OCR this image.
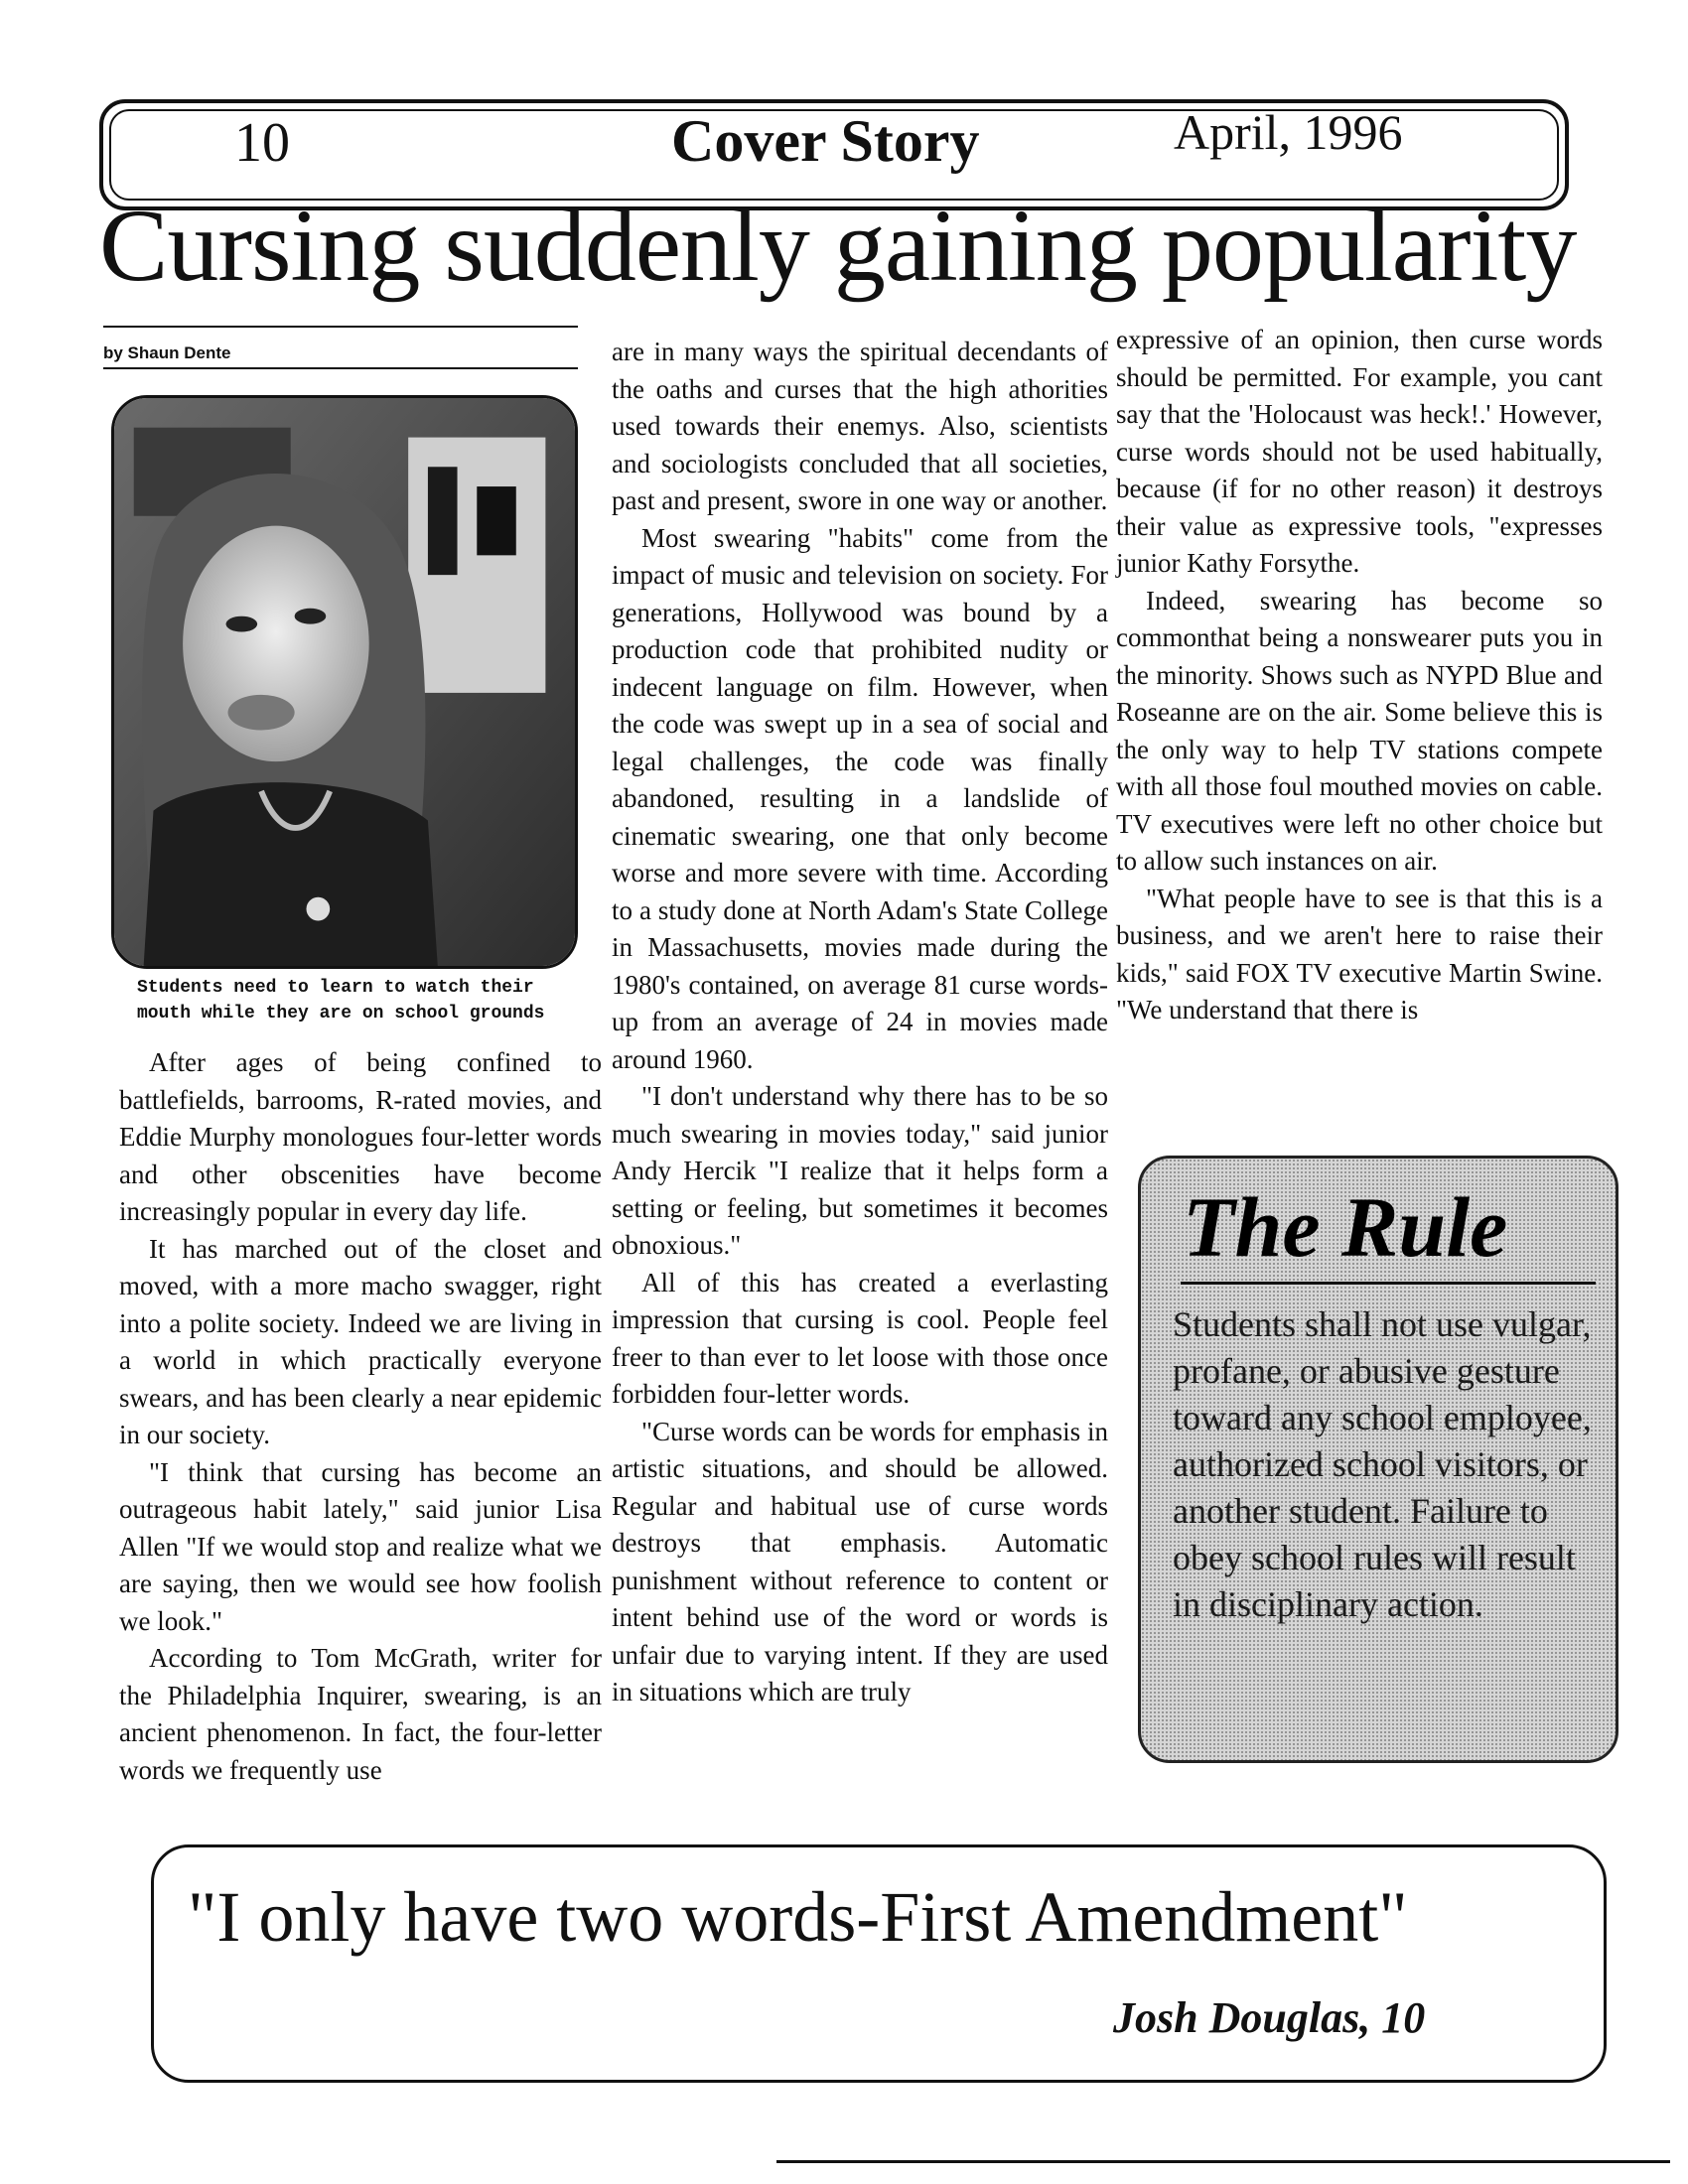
10	Cover Story	April, 1996
Cursing suddenly gaining popularity
by Shaun Dente
Students need to learn to watch their mouth while they are on school grounds

After ages of being confined to battlefields, barrooms, R-rated movies, and Eddie Murphy monologues four-letter words and other obscenities have become increasingly popular in every day life.

It has marched out of the closet and moved, with a more macho swagger, right into a polite society. Indeed we are living in a world in which practically everyone swears, and has been clearly a near epidemic in our society.

"I think that cursing has become an outrageous habit lately," said junior Lisa Allen "If we would stop and realize what we are saying, then we would see how foolish we look."

According to Tom McGrath, writer for the Philadelphia Inquirer, swearing, is an ancient phenomenon. In fact, the four-letter words we frequently use

are in many ways the spiritual decendants of the oaths and curses that the high athorities used towards their enemys. Also, scientists and sociologists concluded that all societies, past and present, swore in one way or another.

Most swearing "habits" come from the impact of music and television on society. For generations, Hollywood was bound by a production code that prohibited nudity or indecent language on film. However, when the code was swept up in a sea of social and legal challenges, the code was finally abandoned, resulting in a landslide of cinematic swearing, one that only become worse and more severe with time. According to a study done at North Adam's State College in Massachusetts, movies made during the 1980's contained, on average 81 curse words- up from an average of 24 in movies made around 1960.

"I don't understand why there has to be so much swearing in movies today," said junior Andy Hercik "I realize that it helps form a setting or feeling, but sometimes it becomes obnoxious."

All of this has created a everlasting impression that cursing is cool. People feel freer to than ever to let loose with those once forbidden four-letter words.

"Curse words can be words for emphasis in artistic situations, and should be allowed. Regular and habitual use of curse words destroys that emphasis. Automatic punishment without reference to content or intent behind use of the word or words is unfair due to varying intent. If they are used in situations which are truly

expressive of an opinion, then curse words should be permitted. For example, you cant say that the 'Holocaust was heck!.' However, curse words should not be used habitually, because (if for no other reason) it destroys their value as expressive tools, "expresses junior Kathy Forsythe.

Indeed, swearing has become so commonthat being a nonswearer puts you in the minority. Shows such as NYPD Blue and Roseanne are on the air. Some believe this is the only way to help TV stations compete with all those foul mouthed movies on cable. TV executives were left no other choice but to allow such instances on air.

"What people have to see is that this is a business, and we aren't here to raise their kids," said FOX TV executive Martin Swine. "We understand that there is

The Rule
Students shall not use vulgar, profane, or abusive gesture toward any school employee, authorized school visitors, or another student. Failure to obey school rules will result in disciplinary action.
"I only have two words-First Amendment"
Josh Douglas, 10
